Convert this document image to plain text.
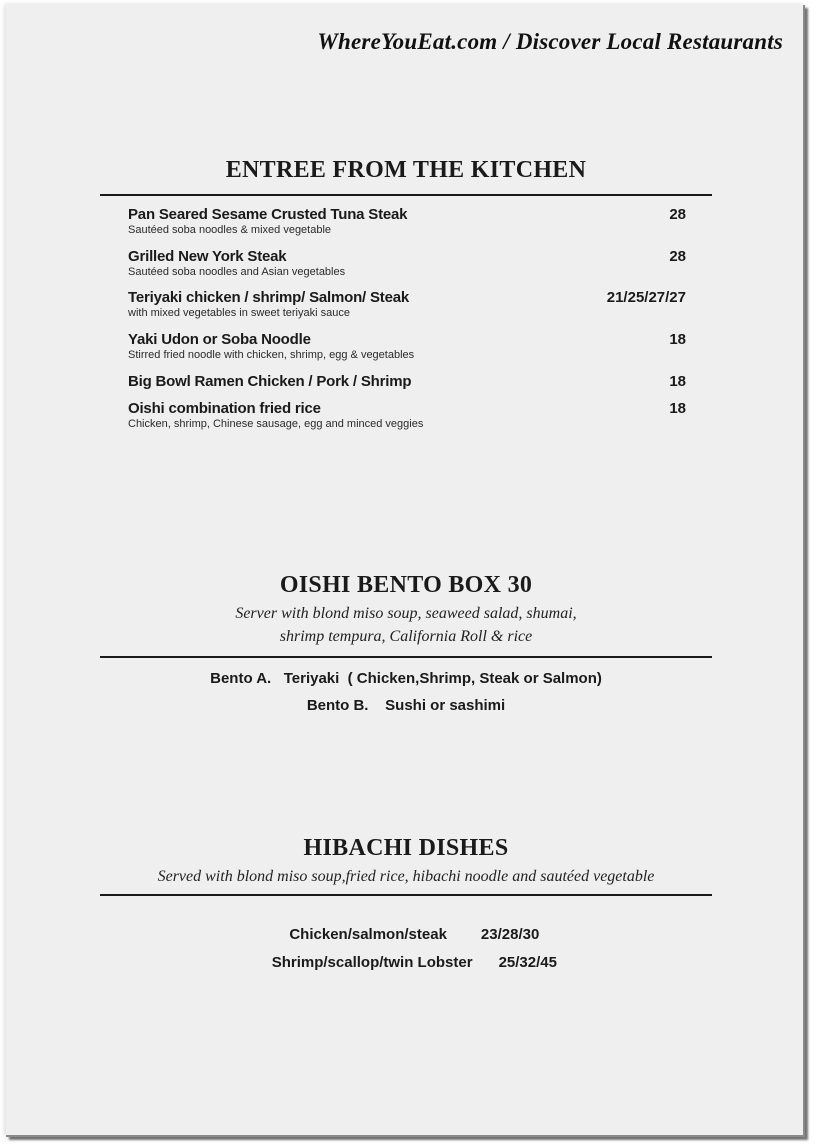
WhereYouEat.com / Discover Local Restaurants
ENTREE FROM THE KITCHEN
Pan Seared Sesame Crusted Tuna Steak
Sautéed soba noodles & mixed vegetable
28
Grilled New York Steak
Sautéed soba noodles and Asian vegetables
28
Teriyaki chicken / shrimp/ Salmon/ Steak
with mixed vegetables in sweet teriyaki sauce
21/25/27/27
Yaki Udon or Soba Noodle
Stirred fried noodle with chicken, shrimp, egg & vegetables
18
Big Bowl Ramen Chicken / Pork / Shrimp	18
Oishi combination fried rice
Chicken, shrimp, Chinese sausage, egg and minced veggies
18
OISHI BENTO BOX 30
Server with blond miso soup, seaweed salad, shumai,
shrimp tempura, California Roll & rice
Bento A.   Teriyaki  ( Chicken,Shrimp, Steak or Salmon)
Bento B.    Sushi or sashimi
HIBACHI DISHES
Served with blond miso soup,fried rice, hibachi noodle and sautéed vegetable

Chicken/salmon/steak 23/28/30

Shrimp/scallop/twin Lobster 25/32/45
